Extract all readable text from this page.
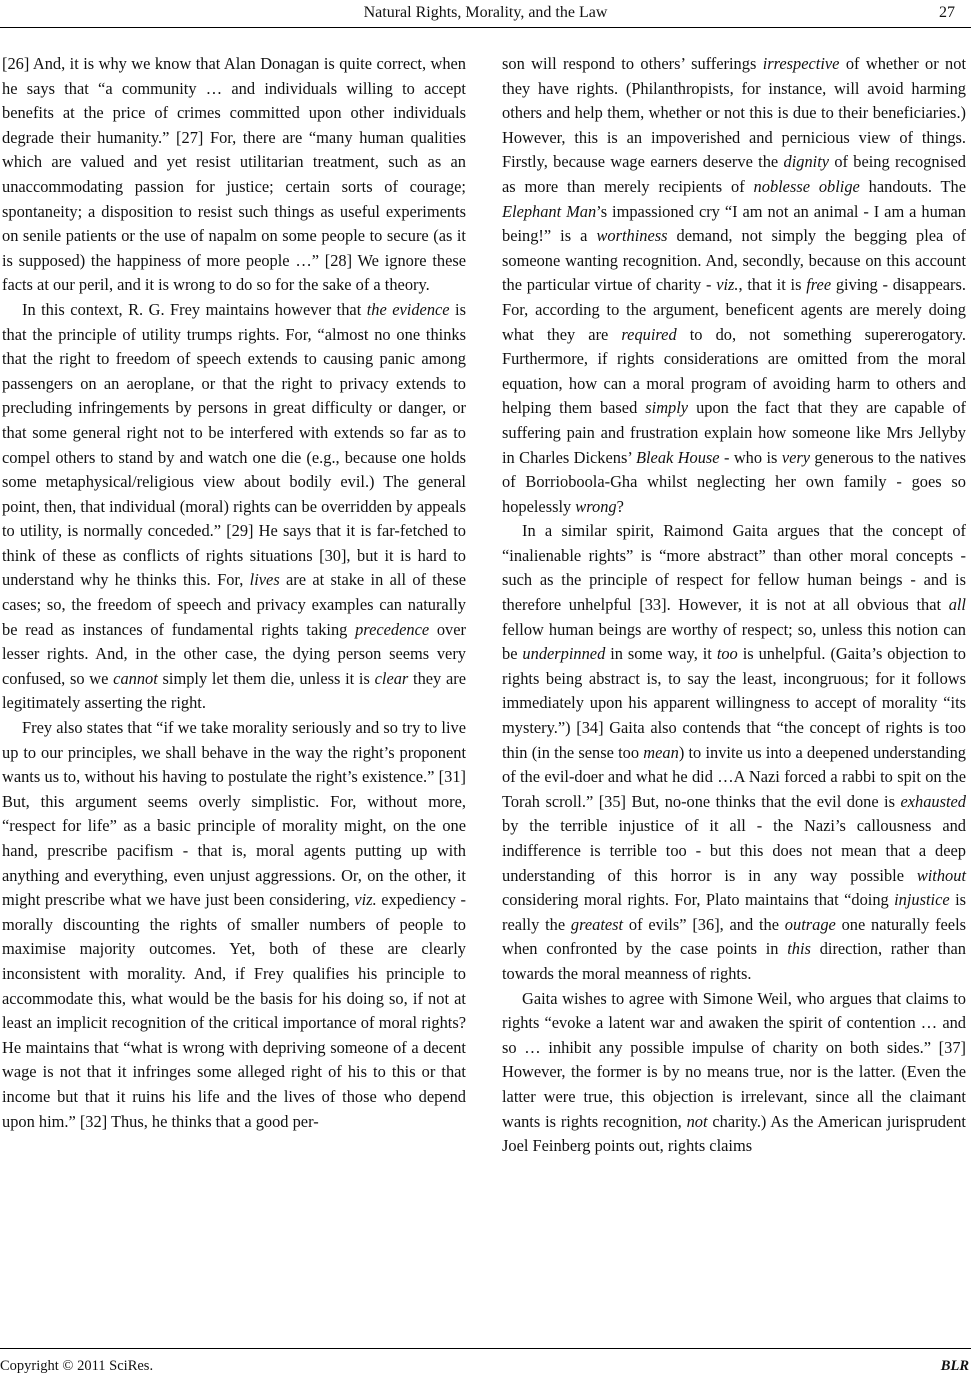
Natural Rights, Morality, and the Law	27

[26] And, it is why we know that Alan Donagan is quite correct, when he says that “a community … and individuals willing to accept benefits at the price of crimes committed upon other individuals degrade their humanity.” [27] For, there are “many human qualities which are valued and yet resist utilitarian treatment, such as an unaccommodating passion for justice; certain sorts of courage; spontaneity; a disposition to resist such things as useful experiments on senile patients or the use of napalm on some people to secure (as it is supposed) the happiness of more people …” [28] We ignore these facts at our peril, and it is wrong to do so for the sake of a theory.

In this context, R. G. Frey maintains however that the evidence is that the principle of utility trumps rights. For, “almost no one thinks that the right to freedom of speech extends to causing panic among passengers on an aeroplane, or that the right to privacy extends to precluding infringements by persons in great difficulty or danger, or that some general right not to be interfered with extends so far as to compel others to stand by and watch one die (e.g., because one holds some metaphysical/religious view about bodily evil.) The general point, then, that individual (moral) rights can be overridden by appeals to utility, is normally conceded.” [29] He says that it is far-fetched to think of these as conflicts of rights situations [30], but it is hard to understand why he thinks this. For, lives are at stake in all of these cases; so, the freedom of speech and privacy examples can naturally be read as instances of fundamental rights taking precedence over lesser rights. And, in the other case, the dying person seems very confused, so we cannot simply let them die, unless it is clear they are legitimately asserting the right.

Frey also states that “if we take morality seriously and so try to live up to our principles, we shall behave in the way the right’s proponent wants us to, without his having to postulate the right’s existence.” [31] But, this argument seems overly simplistic. For, without more, “respect for life” as a basic principle of morality might, on the one hand, prescribe pacifism - that is, moral agents putting up with anything and everything, even unjust aggressions. Or, on the other, it might prescribe what we have just been considering, viz. expediency - morally discounting the rights of smaller numbers of people to maximise majority outcomes. Yet, both of these are clearly inconsistent with morality. And, if Frey qualifies his principle to accommodate this, what would be the basis for his doing so, if not at least an implicit recognition of the critical importance of moral rights? He maintains that “what is wrong with depriving someone of a decent wage is not that it infringes some alleged right of his to this or that income but that it ruins his life and the lives of those who depend upon him.” [32] Thus, he thinks that a good per-

son will respond to others’ sufferings irrespective of whether or not they have rights. (Philanthropists, for instance, will avoid harming others and help them, whether or not this is due to their beneficiaries.) However, this is an impoverished and pernicious view of things. Firstly, because wage earners deserve the dignity of being recognised as more than merely recipients of noblesse oblige handouts. The Elephant Man’s impassioned cry “I am not an animal - I am a human being!” is a worthiness demand, not simply the begging plea of someone wanting recognition. And, secondly, because on this account the particular virtue of charity - viz., that it is free giving - disappears. For, according to the argument, beneficent agents are merely doing what they are required to do, not something supererogatory. Furthermore, if rights considerations are omitted from the moral equation, how can a moral program of avoiding harm to others and helping them based simply upon the fact that they are capable of suffering pain and frustration explain how someone like Mrs Jellyby in Charles Dickens’ Bleak House - who is very generous to the natives of Borrioboola-Gha whilst neglecting her own family - goes so hopelessly wrong?

In a similar spirit, Raimond Gaita argues that the concept of “inalienable rights” is “more abstract” than other moral concepts - such as the principle of respect for fellow human beings - and is therefore unhelpful [33]. However, it is not at all obvious that all fellow human beings are worthy of respect; so, unless this notion can be underpinned in some way, it too is unhelpful. (Gaita’s objection to rights being abstract is, to say the least, incongruous; for it follows immediately upon his apparent willingness to accept of morality “its mystery.”) [34] Gaita also contends that “the concept of rights is too thin (in the sense too mean) to invite us into a deepened understanding of the evil-doer and what he did …A Nazi forced a rabbi to spit on the Torah scroll.” [35] But, no-one thinks that the evil done is exhausted by the terrible injustice of it all - the Nazi’s callousness and indifference is terrible too - but this does not mean that a deep understanding of this horror is in any way possible without considering moral rights. For, Plato maintains that “doing injustice is really the greatest of evils” [36], and the outrage one naturally feels when confronted by the case points in this direction, rather than towards the moral meanness of rights.

Gaita wishes to agree with Simone Weil, who argues that claims to rights “evoke a latent war and awaken the spirit of contention … and so … inhibit any possible impulse of charity on both sides.” [37] However, the former is by no means true, nor is the latter. (Even the latter were true, this objection is irrelevant, since all the claimant wants is rights recognition, not charity.) As the American jurisprudent Joel Feinberg points out, rights claims

Copyright © 2011 SciRes.	BLR
